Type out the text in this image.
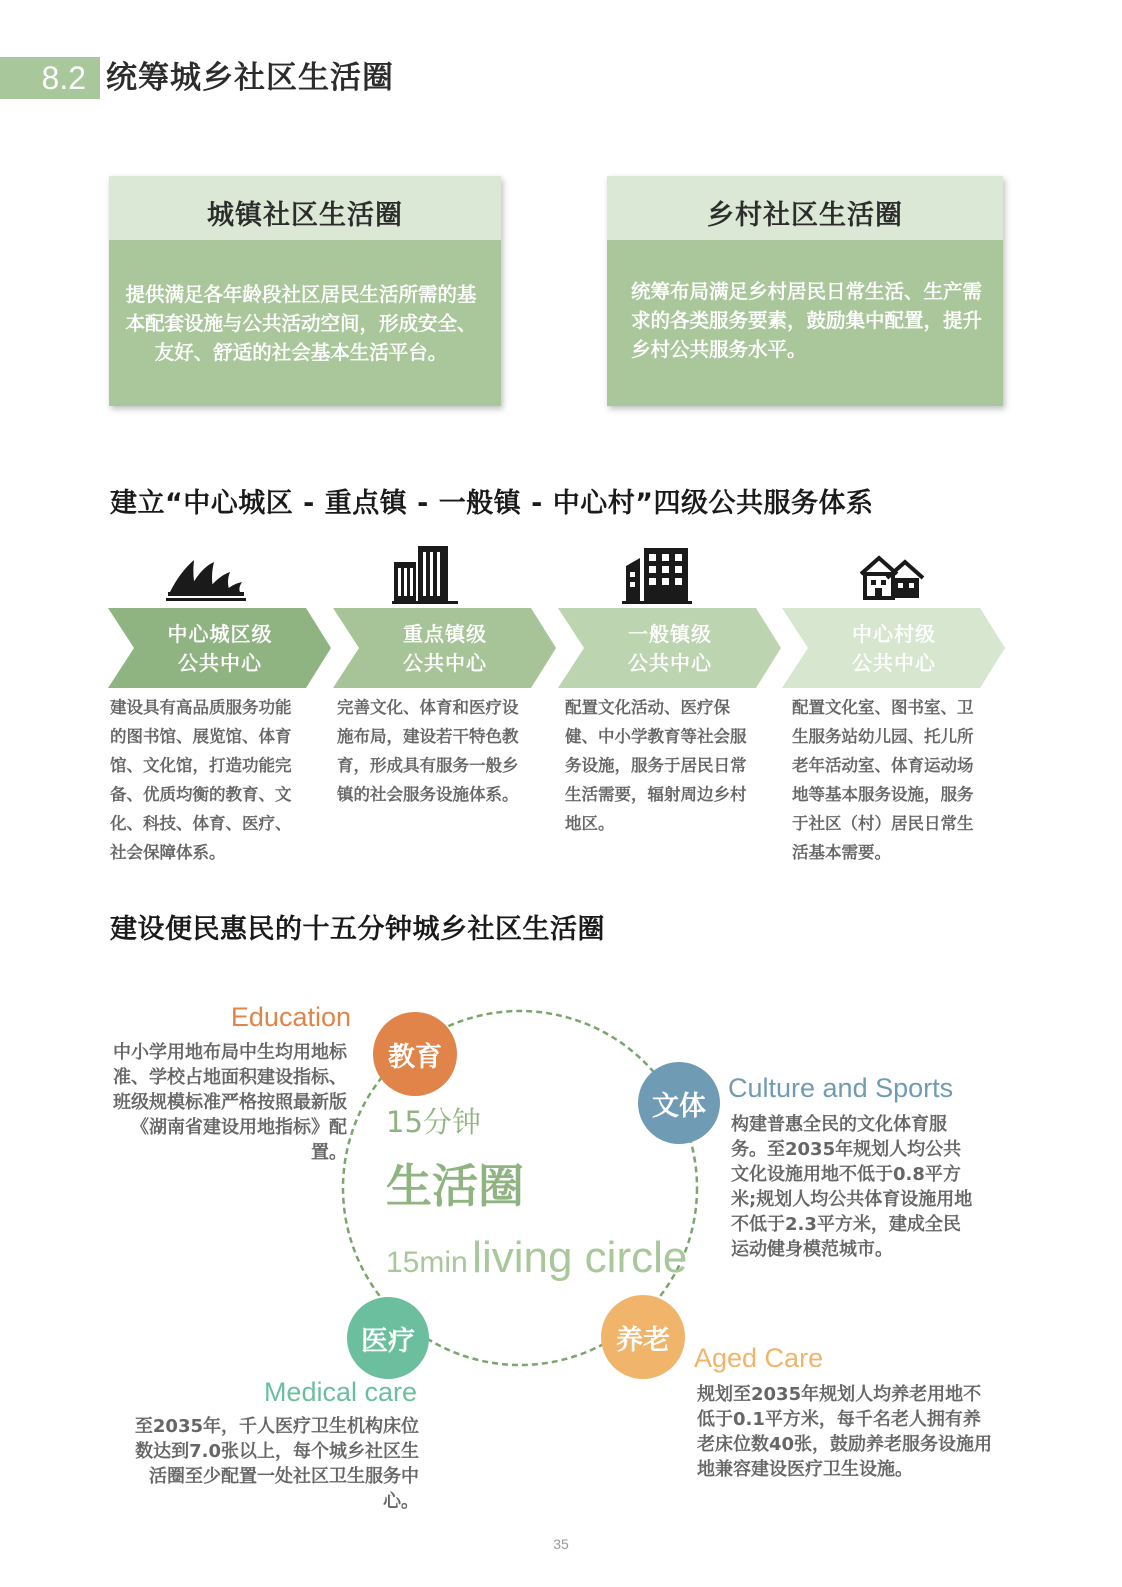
8.2 统筹城乡社区生活圈
城镇社区生活圈
提供满足各年龄段社区居民生活所需的基本配套设施与公共活动空间，形成安全、友好、舒适的社会基本生活平台。
乡村社区生活圈
统筹布局满足乡村居民日常生活、生产需求的各类服务要素，鼓励集中配置，提升乡村公共服务水平。
建立“中心城区 - 重点镇 - 一般镇 - 中心村”四级公共服务体系
中心城区级
公共中心
重点镇级
公共中心
一般镇级
公共中心
中心村级
公共中心
建设具有高品质服务功能的图书馆、展览馆、体育馆、文化馆，打造功能完备、优质均衡的教育、文化、科技、体育、医疗、社会保障体系。
完善文化、体育和医疗设施布局，建设若干特色教育，形成具有服务一般乡镇的社会服务设施体系。
配置文化活动、医疗保健、中小学教育等社会服务设施，服务于居民日常生活需要，辐射周边乡村地区。
配置文化室、图书室、卫生服务站幼儿园、托儿所老年活动室、体育运动场地等基本服务设施，服务于社区（村）居民日常生活基本需要。
建设便民惠民的十五分钟城乡社区生活圈
15分钟
生活圈
15min living circle
教育
文体
医疗	养老
Education
中小学用地布局中生均用地标准、学校占地面积建设指标、班级规模标准严格按照最新版《湖南省建设用地指标》配置。
Culture and Sports
构建普惠全民的文化体育服务。至2035年规划人均公共文化设施用地不低于0.8平方米;规划人均公共体育设施用地不低于2.3平方米，建成全民运动健身模范城市。
Medical care
至2035年，千人医疗卫生机构床位数达到7.0张以上，每个城乡社区生活圈至少配置一处社区卫生服务中心。
Aged Care
规划至2035年规划人均养老用地不低于0.1平方米，每千名老人拥有养老床位数40张，鼓励养老服务设施用地兼容建设医疗卫生设施。
35
